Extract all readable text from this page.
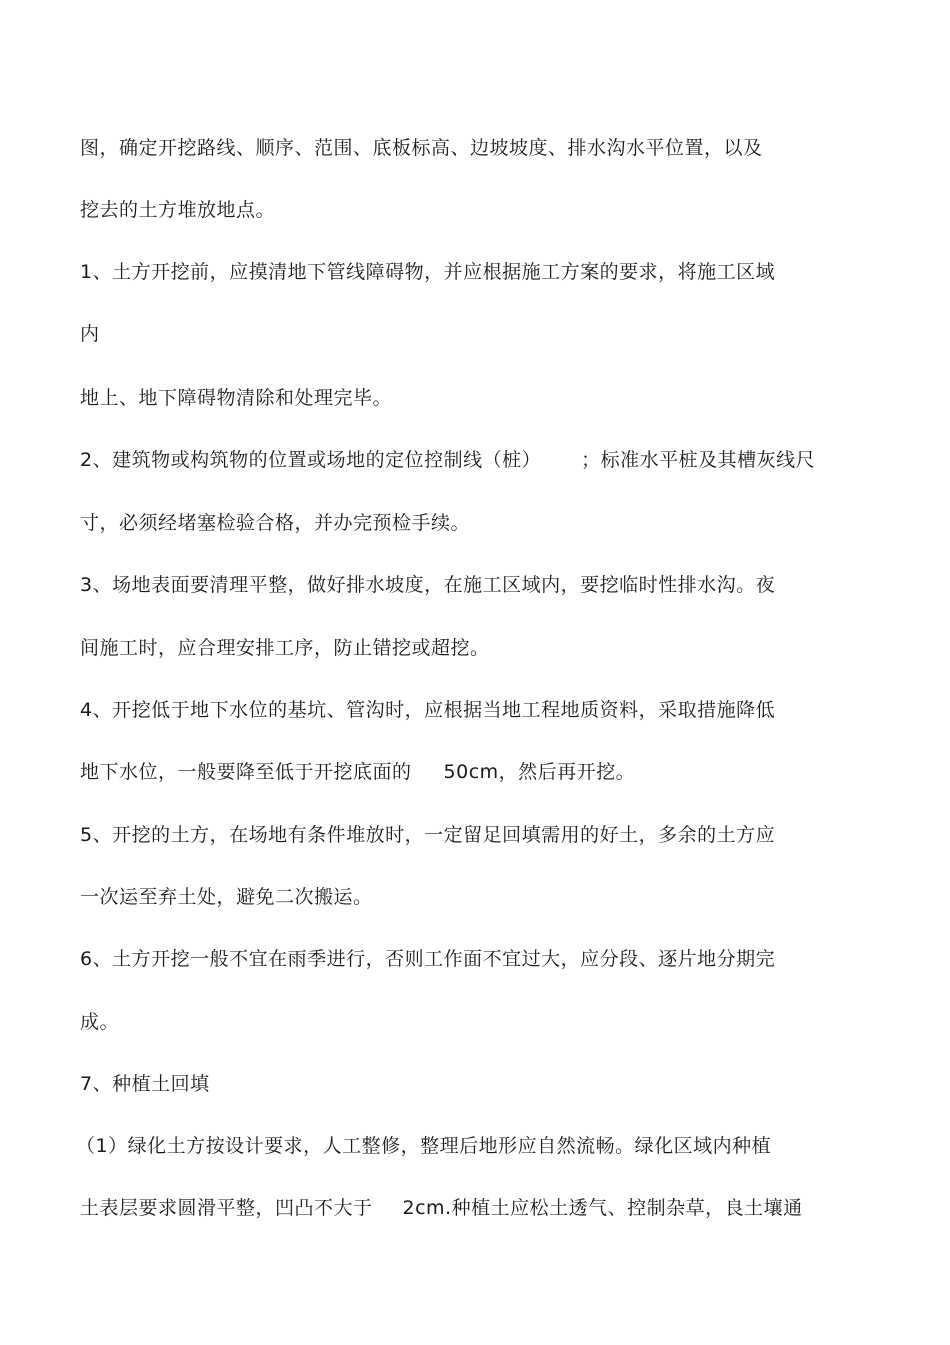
图，确定开挖路线、顺序、范围、底板标高、边坡坡度、排水沟水平位置，以及
挖去的土方堆放地点。
1、土方开挖前，应摸清地下管线障碍物，并应根据施工方案的要求，将施工区域
内
地上、地下障碍物清除和处理完毕。
2、建筑物或构筑物的位置或场地的定位控制线（桩） ；标准水平桩及其槽灰线尺
寸，必须经堵塞检验合格，并办完预检手续。
3、场地表面要清理平整，做好排水坡度，在施工区域内，要挖临时性排水沟。夜
间施工时，应合理安排工序，防止错挖或超挖。
4、开挖低于地下水位的基坑、管沟时，应根据当地工程地质资料，采取措施降低
地下水位，一般要降至低于开挖底面的 50cm，然后再开挖。
5、开挖的土方，在场地有条件堆放时，一定留足回填需用的好土，多余的土方应
一次运至弃土处，避免二次搬运。
6、土方开挖一般不宜在雨季进行，否则工作面不宜过大，应分段、逐片地分期完
成。
7、种植土回填
（1）绿化土方按设计要求，人工整修，整理后地形应自然流畅。绿化区域内种植
土表层要求圆滑平整，凹凸不大于 2cm.种植土应松土透气、控制杂草，良土壤通
